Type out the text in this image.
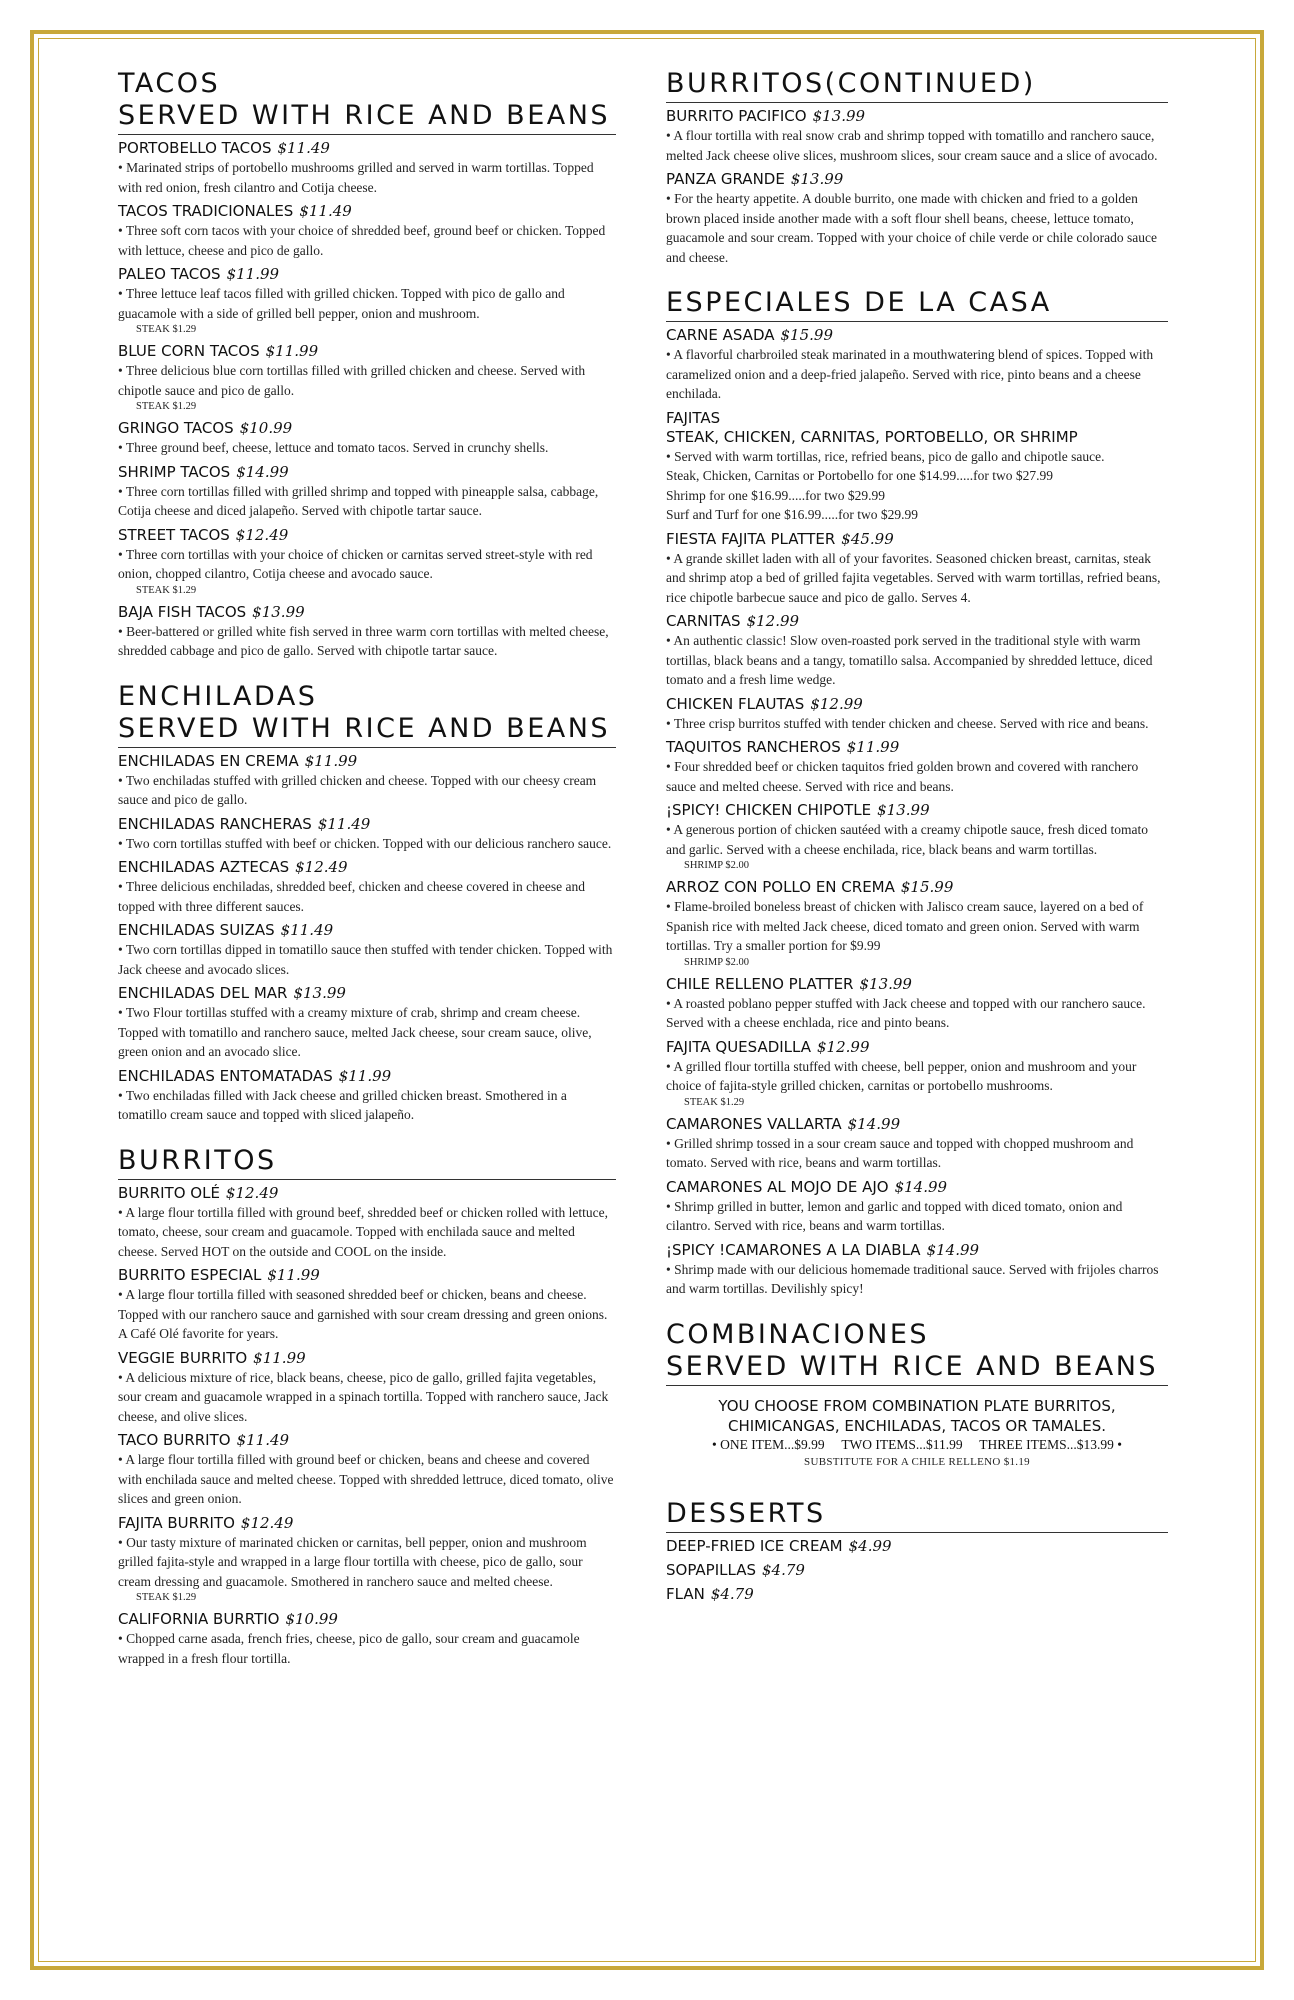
TACOS
SERVED WITH RICE AND BEANS
PORTOBELLO TACOS $11.49
• Marinated strips of portobello mushrooms grilled and served in warm tortillas. Topped with red onion, fresh cilantro and Cotija cheese.
TACOS TRADICIONALES $11.49
• Three soft corn tacos with your choice of shredded beef, ground beef or chicken. Topped with lettuce, cheese and pico de gallo.
PALEO TACOS $11.99
• Three lettuce leaf tacos filled with grilled chicken. Topped with pico de gallo and guacamole with a side of grilled bell pepper, onion and mushroom.
STEAK $1.29
BLUE CORN TACOS $11.99
• Three delicious blue corn tortillas filled with grilled chicken and cheese. Served with chipotle sauce and pico de gallo.
STEAK $1.29
GRINGO TACOS $10.99
• Three ground beef, cheese, lettuce and tomato tacos. Served in crunchy shells.
SHRIMP TACOS $14.99
• Three corn tortillas filled with grilled shrimp and topped with pineapple salsa, cabbage, Cotija cheese and diced jalapeño. Served with chipotle tartar sauce.
STREET TACOS $12.49
• Three corn tortillas with your choice of chicken or carnitas served street-style with red onion, chopped cilantro, Cotija cheese and avocado sauce.
STEAK $1.29
BAJA FISH TACOS $13.99
• Beer-battered or grilled white fish served in three warm corn tortillas with melted cheese, shredded cabbage and pico de gallo. Served with chipotle tartar sauce.
ENCHILADAS
SERVED WITH RICE AND BEANS
ENCHILADAS EN CREMA $11.99
• Two enchiladas stuffed with grilled chicken and cheese. Topped with our cheesy cream sauce and pico de gallo.
ENCHILADAS RANCHERAS $11.49
• Two corn tortillas stuffed with beef or chicken. Topped with our delicious ranchero sauce.
ENCHILADAS AZTECAS $12.49
• Three delicious enchiladas, shredded beef, chicken and cheese covered in cheese and topped with three different sauces.
ENCHILADAS SUIZAS $11.49
• Two corn tortillas dipped in tomatillo sauce then stuffed with tender chicken. Topped with Jack cheese and avocado slices.
ENCHILADAS DEL MAR $13.99
• Two Flour tortillas stuffed with a creamy mixture of crab, shrimp and cream cheese. Topped with tomatillo and ranchero sauce, melted Jack cheese, sour cream sauce, olive, green onion and an avocado slice.
ENCHILADAS ENTOMATADAS $11.99
• Two enchiladas filled with Jack cheese and grilled chicken breast. Smothered in a tomatillo cream sauce and topped with sliced jalapeño.
BURRITOS
BURRITO OLÉ $12.49
• A large flour tortilla filled with ground beef, shredded beef or chicken rolled with lettuce, tomato, cheese, sour cream and guacamole. Topped with enchilada sauce and melted cheese. Served HOT on the outside and COOL on the inside.
BURRITO ESPECIAL $11.99
• A large flour tortilla filled with seasoned shredded beef or chicken, beans and cheese. Topped with our ranchero sauce and garnished with sour cream dressing and green onions. A Café Olé favorite for years.
VEGGIE BURRITO $11.99
• A delicious mixture of rice, black beans, cheese, pico de gallo, grilled fajita vegetables, sour cream and guacamole wrapped in a spinach tortilla. Topped with ranchero sauce, Jack cheese, and olive slices.
TACO BURRITO $11.49
• A large flour tortilla filled with ground beef or chicken, beans and cheese and covered with enchilada sauce and melted cheese. Topped with shredded lettruce, diced tomato, olive slices and green onion.
FAJITA BURRITO $12.49
• Our tasty mixture of marinated chicken or carnitas, bell pepper, onion and mushroom grilled fajita-style and wrapped in a large flour tortilla with cheese, pico de gallo, sour cream dressing and guacamole. Smothered in ranchero sauce and melted cheese.
STEAK $1.29
CALIFORNIA BURRTIO $10.99
• Chopped carne asada, french fries, cheese, pico de gallo, sour cream and guacamole wrapped in a fresh flour tortilla.
BURRITOS(CONTINUED)
BURRITO PACIFICO $13.99
• A flour tortilla with real snow crab and shrimp topped with tomatillo and ranchero sauce, melted Jack cheese olive slices, mushroom slices, sour cream sauce and a slice of avocado.
PANZA GRANDE $13.99
• For the hearty appetite. A double burrito, one made with chicken and fried to a golden brown placed inside another made with a soft flour shell beans, cheese, lettuce tomato, guacamole and sour cream. Topped with your choice of chile verde or chile colorado sauce and cheese.
ESPECIALES DE LA CASA
CARNE ASADA $15.99
• A flavorful charbroiled steak marinated in a mouthwatering blend of spices. Topped with caramelized onion and a deep-fried jalapeño. Served with rice, pinto beans and a cheese enchilada.
FAJITAS
STEAK, CHICKEN, CARNITAS, PORTOBELLO, OR SHRIMP
• Served with warm tortillas, rice, refried beans, pico de gallo and chipotle sauce.
Steak, Chicken, Carnitas or Portobello for one $14.99.....for two $27.99
Shrimp for one $16.99.....for two $29.99
Surf and Turf for one $16.99.....for two $29.99
FIESTA FAJITA PLATTER $45.99
• A grande skillet laden with all of your favorites. Seasoned chicken breast, carnitas, steak and shrimp atop a bed of grilled fajita vegetables. Served with warm tortillas, refried beans, rice chipotle barbecue sauce and pico de gallo. Serves 4.
CARNITAS $12.99
• An authentic classic! Slow oven-roasted pork served in the traditional style with warm tortillas, black beans and a tangy, tomatillo salsa. Accompanied by shredded lettuce, diced tomato and a fresh lime wedge.
CHICKEN FLAUTAS $12.99
• Three crisp burritos stuffed with tender chicken and cheese. Served with rice and beans.
TAQUITOS RANCHEROS $11.99
• Four shredded beef or chicken taquitos fried golden brown and covered with ranchero sauce and melted cheese. Served with rice and beans.
¡SPICY! CHICKEN CHIPOTLE $13.99
• A generous portion of chicken sautéed with a creamy chipotle sauce, fresh diced tomato and garlic. Served with a cheese enchilada, rice, black beans and warm tortillas.
SHRIMP $2.00
ARROZ CON POLLO EN CREMA $15.99
• Flame-broiled boneless breast of chicken with Jalisco cream sauce, layered on a bed of Spanish rice with melted Jack cheese, diced tomato and green onion. Served with warm tortillas. Try a smaller portion for $9.99
SHRIMP $2.00
CHILE RELLENO PLATTER $13.99
• A roasted poblano pepper stuffed with Jack cheese and topped with our ranchero sauce. Served with a cheese enchlada, rice and pinto beans.
FAJITA QUESADILLA $12.99
• A grilled flour tortilla stuffed with cheese, bell pepper, onion and mushroom and your choice of fajita-style grilled chicken, carnitas or portobello mushrooms.
STEAK $1.29
CAMARONES VALLARTA $14.99
• Grilled shrimp tossed in a sour cream sauce and topped with chopped mushroom and tomato. Served with rice, beans and warm tortillas.
CAMARONES AL MOJO DE AJO $14.99
• Shrimp grilled in butter, lemon and garlic and topped with diced tomato, onion and cilantro. Served with rice, beans and warm tortillas.
¡SPICY !CAMARONES A LA DIABLA $14.99
• Shrimp made with our delicious homemade traditional sauce. Served with frijoles charros and warm tortillas. Devilishly spicy!
COMBINACIONES
SERVED WITH RICE AND BEANS
YOU CHOOSE FROM COMBINATION PLATE BURRITOS,
CHIMICANGAS, ENCHILADAS, TACOS OR TAMALES.
• ONE ITEM...$9.99     TWO ITEMS...$11.99     THREE ITEMS...$13.99 •
SUBSTITUTE FOR A CHILE RELLENO $1.19
DESSERTS
DEEP-FRIED ICE CREAM $4.99
SOPAPILLAS $4.79
FLAN $4.79
